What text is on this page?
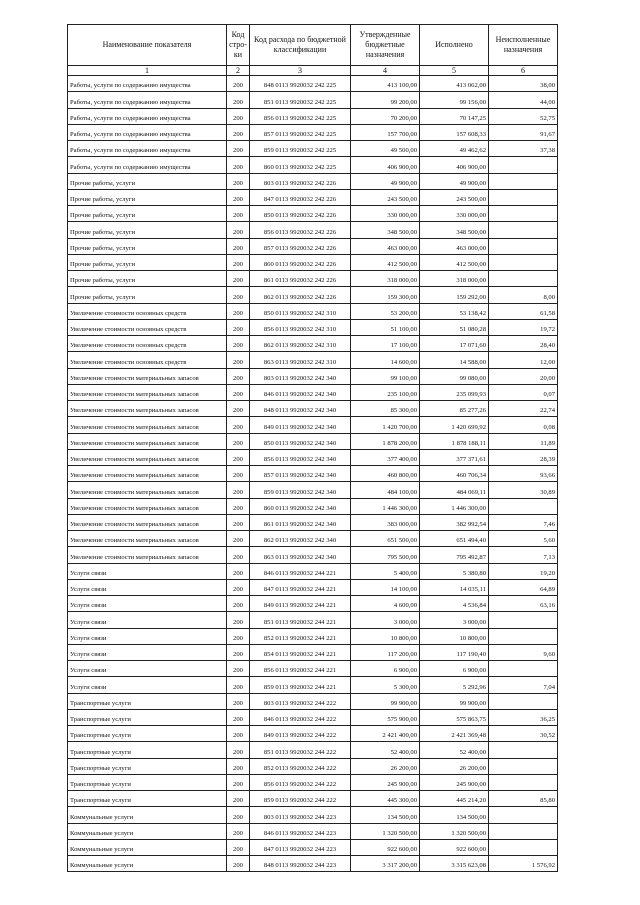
Наименование показателя	Код стро- ки	Код расхода по бюджетной классификации	Утвержденные бюджетные назначения	Исполнено	Неисполненные назначения
1	2	3	4	5	6
Работы, услуги по содержанию имущества	200	848 0113 9920032 242 225	413 100,00	413 062,00	38,00
Работы, услуги по содержанию имущества	200	851 0113 9920032 242 225	99 200,00	99 156,00	44,00
Работы, услуги по содержанию имущества	200	856 0113 9920032 242 225	70 200,00	70 147,25	52,75
Работы, услуги по содержанию имущества	200	857 0113 9920032 242 225	157 700,00	157 608,33	91,67
Работы, услуги по содержанию имущества	200	859 0113 9920032 242 225	49 500,00	49 462,62	37,38
Работы, услуги по содержанию имущества	200	860 0113 9920032 242 225	406 900,00	406 900,00	
Прочие работы, услуги	200	803 0113 9920032 242 226	49 900,00	49 900,00	
Прочие работы, услуги	200	847 0113 9920032 242 226	243 500,00	243 500,00	
Прочие работы, услуги	200	850 0113 9920032 242 226	330 000,00	330 000,00	
Прочие работы, услуги	200	856 0113 9920032 242 226	348 500,00	348 500,00	
Прочие работы, услуги	200	857 0113 9920032 242 226	463 000,00	463 000,00	
Прочие работы, услуги	200	860 0113 9920032 242 226	412 500,00	412 500,00	
Прочие работы, услуги	200	861 0113 9920032 242 226	318 000,00	318 000,00	
Прочие работы, услуги	200	862 0113 9920032 242 226	159 300,00	159 292,00	8,00
Увеличение стоимости основных средств	200	850 0113 9920032 242 310	53 200,00	53 138,42	61,58
Увеличение стоимости основных средств	200	856 0113 9920032 242 310	51 100,00	51 080,28	19,72
Увеличение стоимости основных средств	200	862 0113 9920032 242 310	17 100,00	17 071,60	28,40
Увеличение стоимости основных средств	200	863 0113 9920032 242 310	14 600,00	14 588,00	12,00
Увеличение стоимости материальных запасов	200	803 0113 9920032 242 340	99 100,00	99 080,00	20,00
Увеличение стоимости материальных запасов	200	846 0113 9920032 242 340	235 100,00	235 099,93	0,07
Увеличение стоимости материальных запасов	200	848 0113 9920032 242 340	85 300,00	85 277,26	22,74
Увеличение стоимости материальных запасов	200	849 0113 9920032 242 340	1 420 700,00	1 420 699,92	0,08
Увеличение стоимости материальных запасов	200	850 0113 9920032 242 340	1 878 200,00	1 878 188,11	11,89
Увеличение стоимости материальных запасов	200	856 0113 9920032 242 340	377 400,00	377 371,61	28,39
Увеличение стоимости материальных запасов	200	857 0113 9920032 242 340	460 800,00	460 706,34	93,66
Увеличение стоимости материальных запасов	200	859 0113 9920032 242 340	484 100,00	484 069,11	30,89
Увеличение стоимости материальных запасов	200	860 0113 9920032 242 340	1 446 300,00	1 446 300,00	
Увеличение стоимости материальных запасов	200	861 0113 9920032 242 340	383 000,00	382 992,54	7,46
Увеличение стоимости материальных запасов	200	862 0113 9920032 242 340	651 500,00	651 494,40	5,60
Увеличение стоимости материальных запасов	200	863 0113 9920032 242 340	795 500,00	795 492,87	7,13
Услуги связи	200	846 0113 9920032 244 221	5 400,00	5 380,80	19,20
Услуги связи	200	847 0113 9920032 244 221	14 100,00	14 035,11	64,89
Услуги связи	200	849 0113 9920032 244 221	4 600,00	4 536,84	63,16
Услуги связи	200	851 0113 9920032 244 221	3 000,00	3 000,00	
Услуги связи	200	852 0113 9920032 244 221	10 800,00	10 800,00	
Услуги связи	200	854 0113 9920032 244 221	117 200,00	117 190,40	9,60
Услуги связи	200	856 0113 9920032 244 221	6 900,00	6 900,00	
Услуги связи	200	859 0113 9920032 244 221	5 300,00	5 292,96	7,04
Транспортные услуги	200	803 0113 9920032 244 222	99 900,00	99 900,00	
Транспортные услуги	200	846 0113 9920032 244 222	575 900,00	575 863,75	36,25
Транспортные услуги	200	849 0113 9920032 244 222	2 421 400,00	2 421 369,48	30,52
Транспортные услуги	200	851 0113 9920032 244 222	52 400,00	52 400,00	
Транспортные услуги	200	852 0113 9920032 244 222	26 200,00	26 200,00	
Транспортные услуги	200	856 0113 9920032 244 222	245 900,00	245 900,00	
Транспортные услуги	200	859 0113 9920032 244 222	445 300,00	445 214,20	85,80
Коммунальные услуги	200	803 0113 9920032 244 223	134 500,00	134 500,00	
Коммунальные услуги	200	846 0113 9920032 244 223	1 320 500,00	1 320 500,00	
Коммунальные услуги	200	847 0113 9920032 244 223	922 600,00	922 600,00	
Коммунальные услуги	200	848 0113 9920032 244 223	3 317 200,00	3 315 623,08	1 576,92
